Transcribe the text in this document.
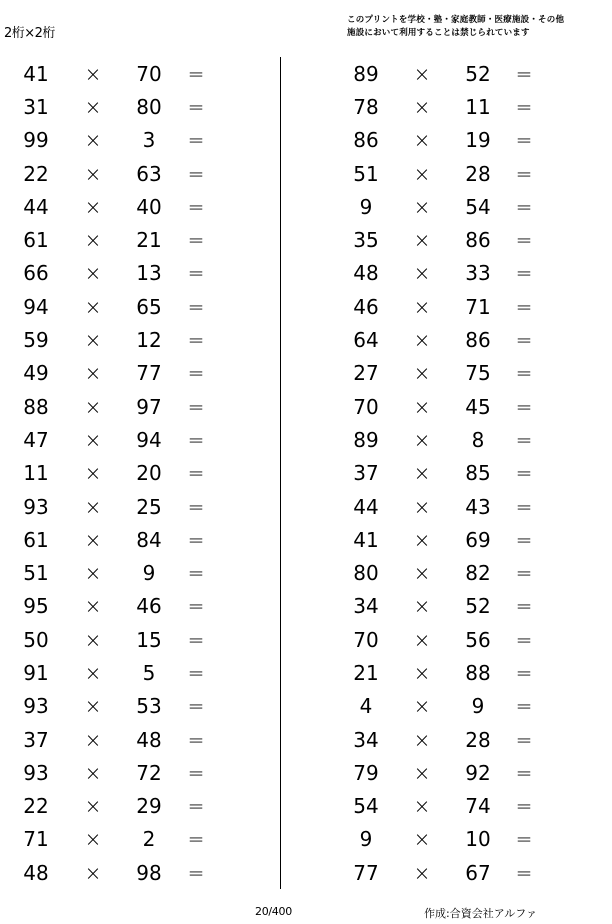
2桁×2桁
このプリントを学校・塾・家庭教師・医療施設・その他
施設において利用することは禁じられています
41 × 70 =
31 × 80 =
99 × 3 =
22 × 63 =
44 × 40 =
61 × 21 =
66 × 13 =
94 × 65 =
59 × 12 =
49 × 77 =
88 × 97 =
47 × 94 =
11 × 20 =
93 × 25 =
61 × 84 =
51 × 9 =
95 × 46 =
50 × 15 =
91 × 5 =
93 × 53 =
37 × 48 =
93 × 72 =
22 × 29 =
71 × 2 =
48 × 98 =
89 × 52 =
78 × 11 =
86 × 19 =
51 × 28 =
9 × 54 =
35 × 86 =
48 × 33 =
46 × 71 =
64 × 86 =
27 × 75 =
70 × 45 =
89 × 8 =
37 × 85 =
44 × 43 =
41 × 69 =
80 × 82 =
34 × 52 =
70 × 56 =
21 × 88 =
4 × 9 =
34 × 28 =
79 × 92 =
54 × 74 =
9 × 10 =
77 × 67 =
20/400	作成:合資会社アルファ
